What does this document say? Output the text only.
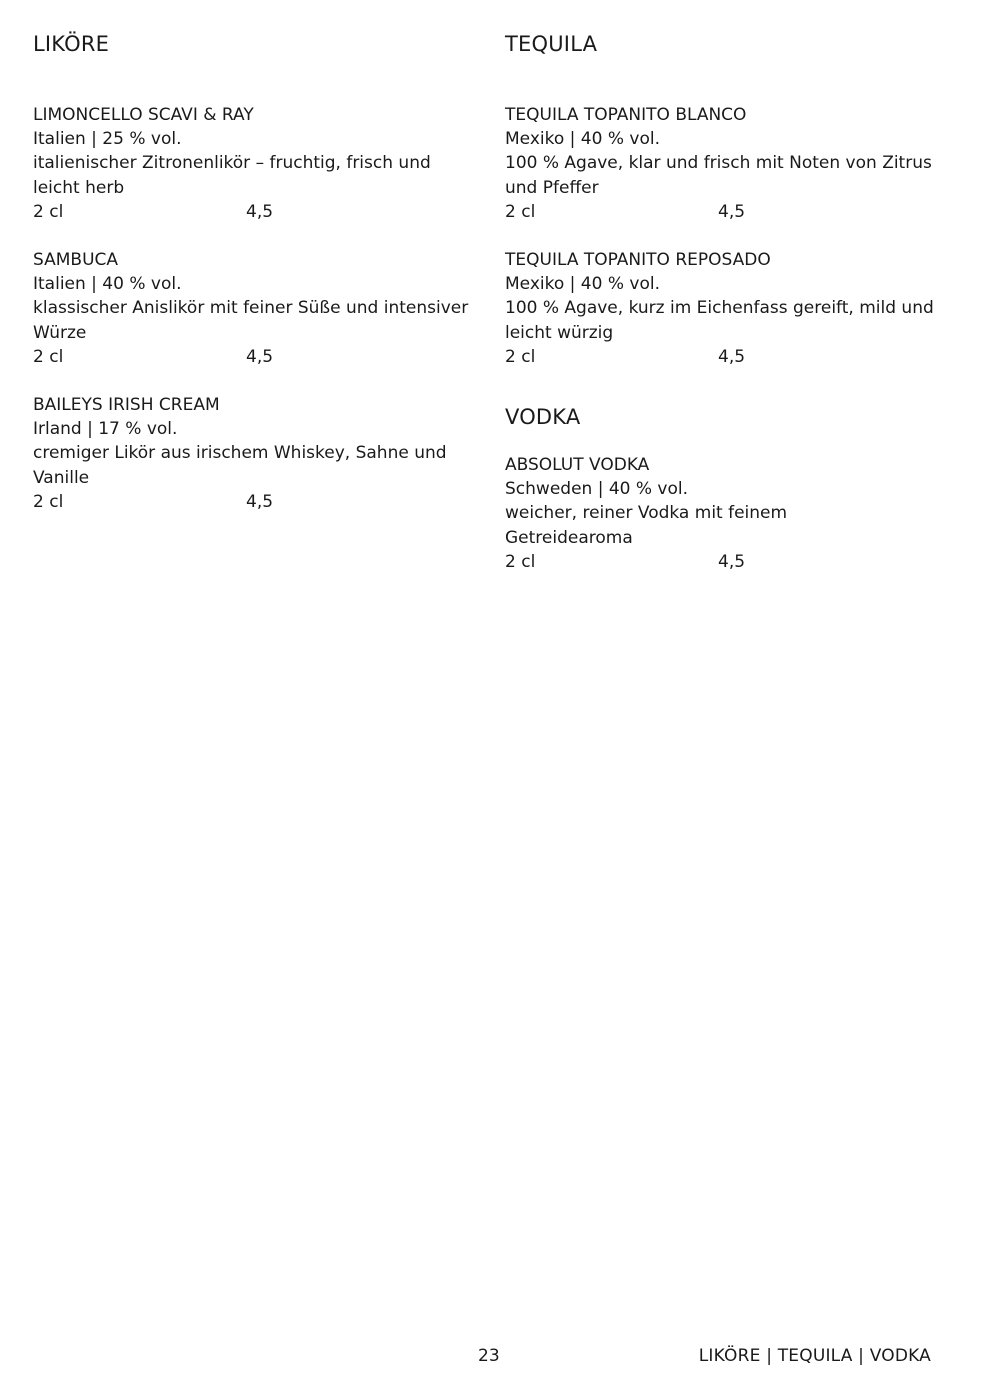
LIKÖRE
LIMONCELLO SCAVI & RAY
Italien | 25 % vol.
italienischer Zitronenlikör – fruchtig, frisch und leicht herb
2 cl	4,5
SAMBUCA
Italien | 40 % vol.
klassischer Anislikör mit feiner Süße und intensiver Würze
2 cl	4,5
BAILEYS IRISH CREAM
Irland | 17 % vol.
cremiger Likör aus irischem Whiskey, Sahne und Vanille
2 cl	4,5
TEQUILA
TEQUILA TOPANITO BLANCO
Mexiko | 40 % vol.
100 % Agave, klar und frisch mit Noten von Zitrus und Pfeffer
2 cl	4,5
TEQUILA TOPANITO REPOSADO
Mexiko | 40 % vol.
100 % Agave, kurz im Eichenfass gereift, mild und leicht würzig
2 cl	4,5
VODKA
ABSOLUT VODKA
Schweden | 40 % vol.
weicher, reiner Vodka mit feinem Getreidearoma
2 cl	4,5
23	LIKÖRE | TEQUILA | VODKA
